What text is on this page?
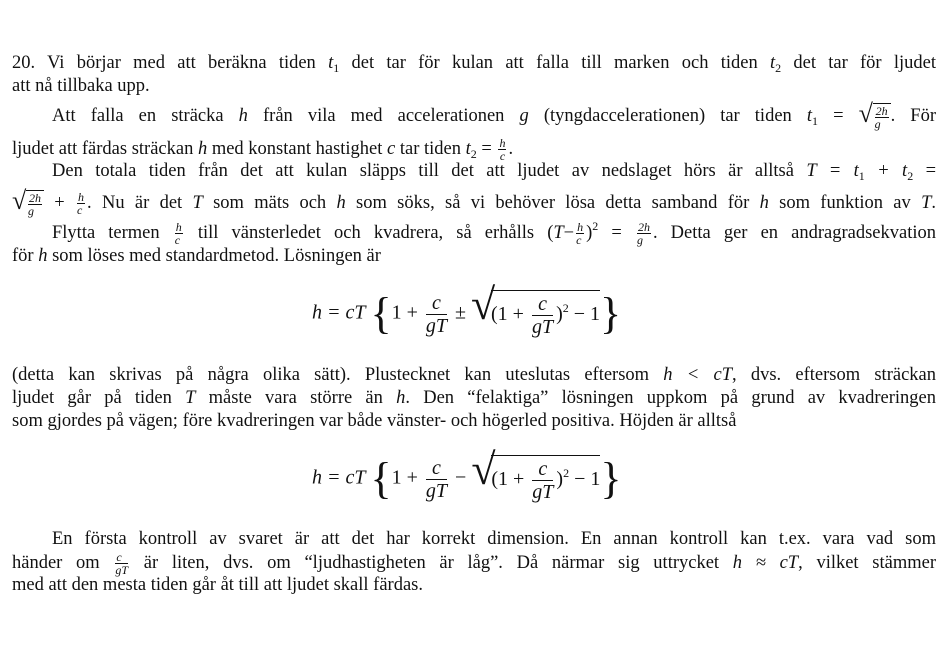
20. Vi börjar med att beräkna tiden $t_1$ det tar för kulan att falla till marken och tiden $t_2$ det tar för ljudet
att nå tillbaka upp.
Att falla en sträcka h från vila med accelerationen g (tyngdaccelerationen) tar tiden $t_1$ = √ $\frac{2h}{g}$ . För
ljudet att färdas sträckan h med konstant hastighet c tar tiden $t_2 = \frac{h}{c}$ .
Den totala tiden från det att kulan släpps till det att ljudet av nedslaget hörs är alltså $T = t_1 + t_2$ =
√ $\frac{2h}{g} + \frac{h}{c}$ . Nu är det T som mäts och h som söks, så vi behöver lösa detta samband för h som funktion av T.
Flytta termen $\frac{h}{c}$ till vänsterledet och kvadrera, så erhålls $(T- \frac{h}{c} )^2 = \frac{2h}{g}$ . Detta ger en andragradsekvation
för h som löses med standardmetod. Lösningen är
h = cT {$1 + \frac{c}{gT}$ ± √
$(1 + \frac{c}{gT} )^2 - 1$}
(detta kan skrivas på några olika sätt). Plustecknet kan uteslutas eftersom h < cT, dvs. eftersom sträckan
ljudet går på tiden T måste vara större än h. Den “felaktiga” lösningen uppkom på grund av kvadreringen
som gjordes på vägen; före kvadreringen var både vänster- och högerled positiva. Höjden är alltså
h = cT {$1 + \frac{c}{gT}$ − √
$(1 + \frac{c}{gT} )^2 - 1$}
En första kontroll av svaret är att det har korrekt dimension. En annan kontroll kan t.ex. vara vad som
händer om $\frac{c}{gT}$ är liten, dvs. om “ljudhastigheten är låg”. Då närmar sig uttrycket h ≈ cT, vilket stämmer
med att den mesta tiden går åt till att ljudet skall färdas.
